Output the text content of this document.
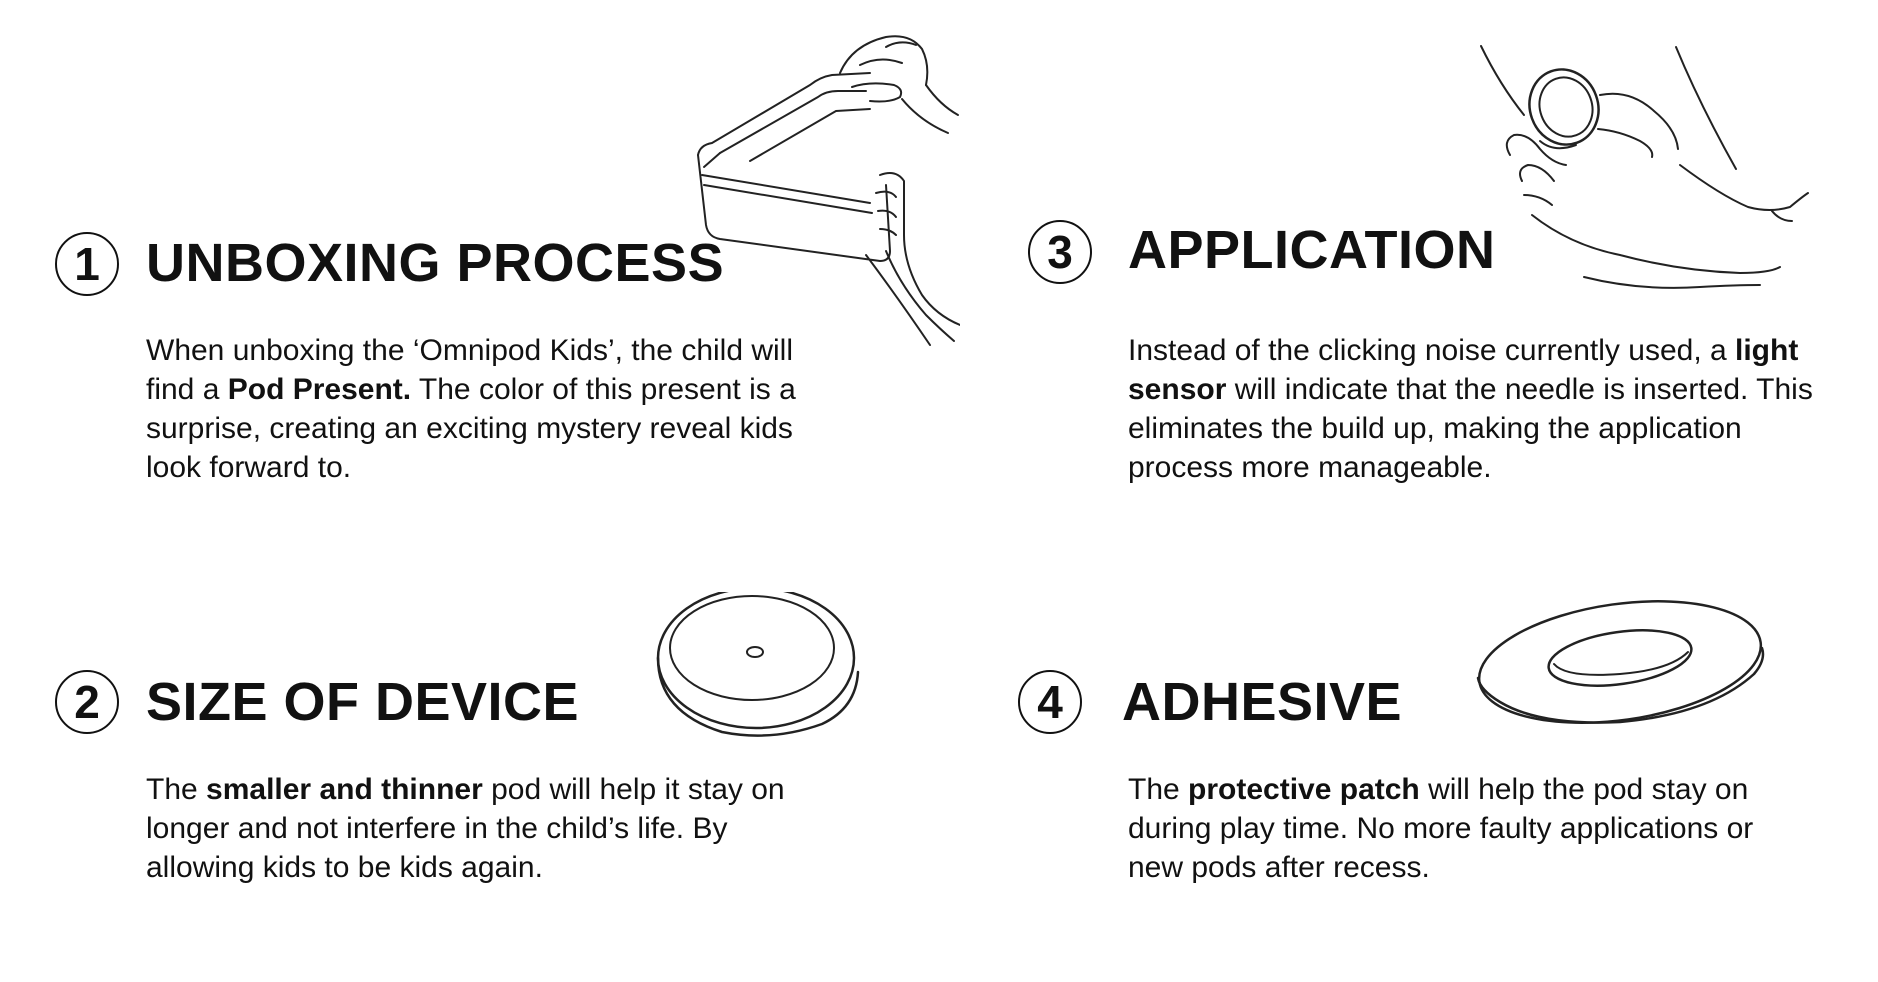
1 UNBOXING PROCESS
When unboxing the ‘Omnipod Kids’, the child will find a Pod Present. The color of this present is a surprise, creating an exciting mystery reveal kids look forward to.
2 SIZE OF DEVICE
The smaller and thinner pod will help it stay on longer and not interfere in the child’s life. By allowing kids to be kids again.
3 APPLICATION
Instead of the clicking noise currently used, a light sensor will indicate that the needle is inserted. This eliminates the build up, making the application process more manageable.
4 ADHESIVE
The protective patch will help the pod stay on during play time. No more faulty applications or new pods after recess.
